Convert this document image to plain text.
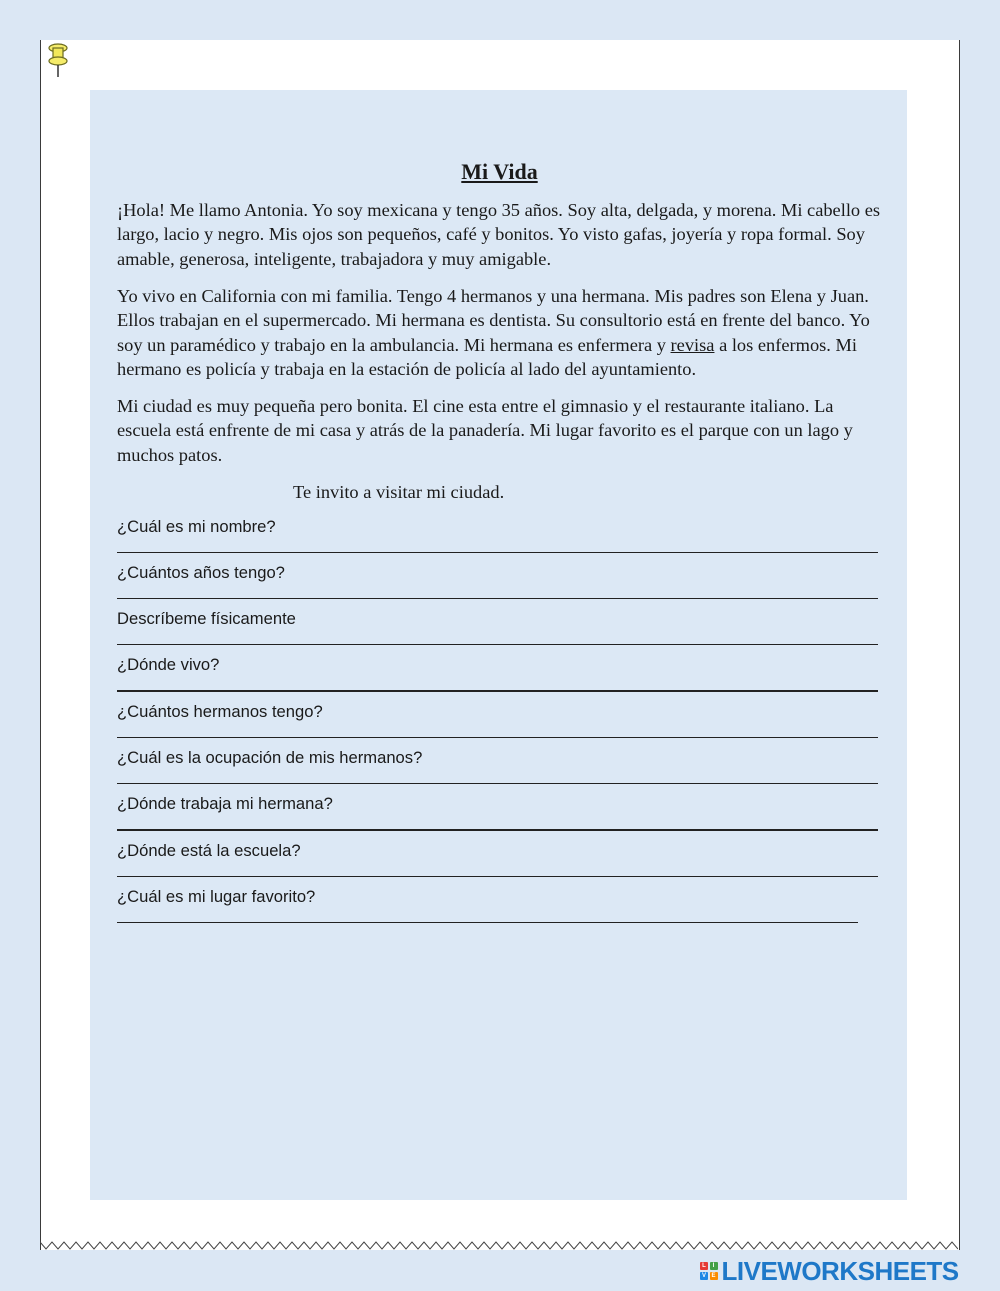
Mi Vida

¡Hola! Me llamo Antonia. Yo soy mexicana y tengo 35 años. Soy alta, delgada, y morena. Mi cabello es largo, lacio y negro. Mis ojos son pequeños, café y bonitos. Yo visto gafas, joyería y ropa formal. Soy amable, generosa, inteligente, trabajadora y muy amigable.

Yo vivo en California con mi familia. Tengo 4 hermanos y una hermana. Mis padres son Elena y Juan. Ellos trabajan en el supermercado. Mi hermana es dentista. Su consultorio está en frente del banco. Yo soy un paramédico y trabajo en la ambulancia. Mi hermana es enfermera y revisa a los enfermos. Mi hermano es policía y trabaja en la estación de policía al lado del ayuntamiento.

Mi ciudad es muy pequeña pero bonita. El cine esta entre el gimnasio y el restaurante italiano. La escuela está enfrente de mi casa y atrás de la panadería. Mi lugar favorito es el parque con un lago y muchos patos.

Te invito a visitar mi ciudad.
¿Cuál es mi nombre?
¿Cuántos años tengo?
Descríbeme físicamente
¿Dónde vivo?
¿Cuántos hermanos tengo?
¿Cuál es la ocupación de mis hermanos?
¿Dónde trabaja mi hermana?
¿Dónde está la escuela?
¿Cuál es mi lugar favorito?
L	I
V E LIVEWORKSHEETS
